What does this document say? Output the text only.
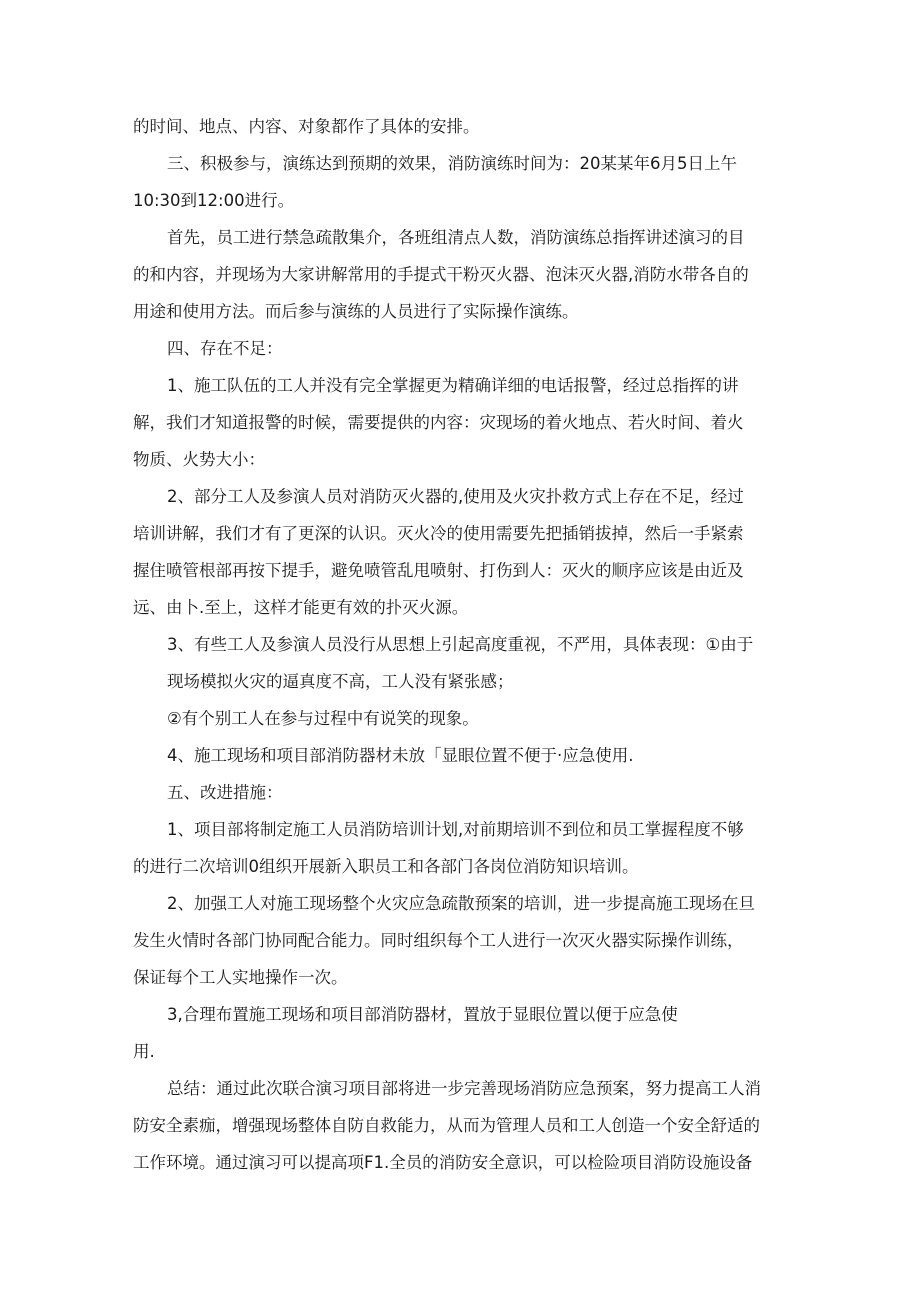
的时间、地点、内容、对象都作了具体的安排。
三、积极参与，演练达到预期的效果，消防演练时间为：20某某年6月5日上午
10:30到12:00进行。
首先，员工进行禁急疏散集介，各班组清点人数，消防演练总指挥讲述演习的目
的和内容，并现场为大家讲解常用的手提式干粉灭火器、泡沫灭火器,消防水带各自的
用途和使用方法。而后参与演练的人员进行了实际操作演练。
四、存在不足：
1、施工队伍的工人并没有完全掌握更为精确详细的电话报警，经过总指挥的讲
解，我们才知道报警的时候，需要提供的内容：灾现场的着火地点、若火时间、着火
物质、火势大小：
2、部分工人及参演人员对消防灭火器的,使用及火灾扑救方式上存在不足，经过
培训讲解，我们才有了更深的认识。灭火冷的使用需要先把插销拔掉，然后一手紧索
握住喷管根部再按下提手，避免喷管乱甩喷射、打伤到人：灭火的顺序应该是由近及
远、由卜.至上，这样才能更有效的扑灭火源。
3、有些工人及参演人员没行从思想上引起高度重视，不严用，具体表现：①由于
现场模拟火灾的逼真度不高，工人没有紧张感；
②有个别工人在参与过程中有说笑的现象。
4、施工现场和项目部消防器材未放「显眼位置不便于·应急使用.
五、改进措施：
1、项目部将制定施工人员消防培训计划,对前期培训不到位和员工掌握程度不够
的进行二次培训0组织开展新入职员工和各部门各岗位消防知识培训。
2、加强工人对施工现场整个火灾应急疏散预案的培训，进一步提高施工现场在旦
发生火情时各部门协同配合能力。同时组织每个工人进行一次灭火器实际操作训练，
保证每个工人实地操作一次。
3,合理布置施工现场和项目部消防器材，置放于显眼位置以便于应急使
用.
总结：通过此次联合演习项目部将进一步完善现场消防应急预案，努力提高工人消
防安全素痂，增强现场整体自防自救能力，从而为管理人员和工人创造一个安全舒适的
工作环境。通过演习可以提高项F1.全员的消防安全意识，可以检险项目消防设施设备
